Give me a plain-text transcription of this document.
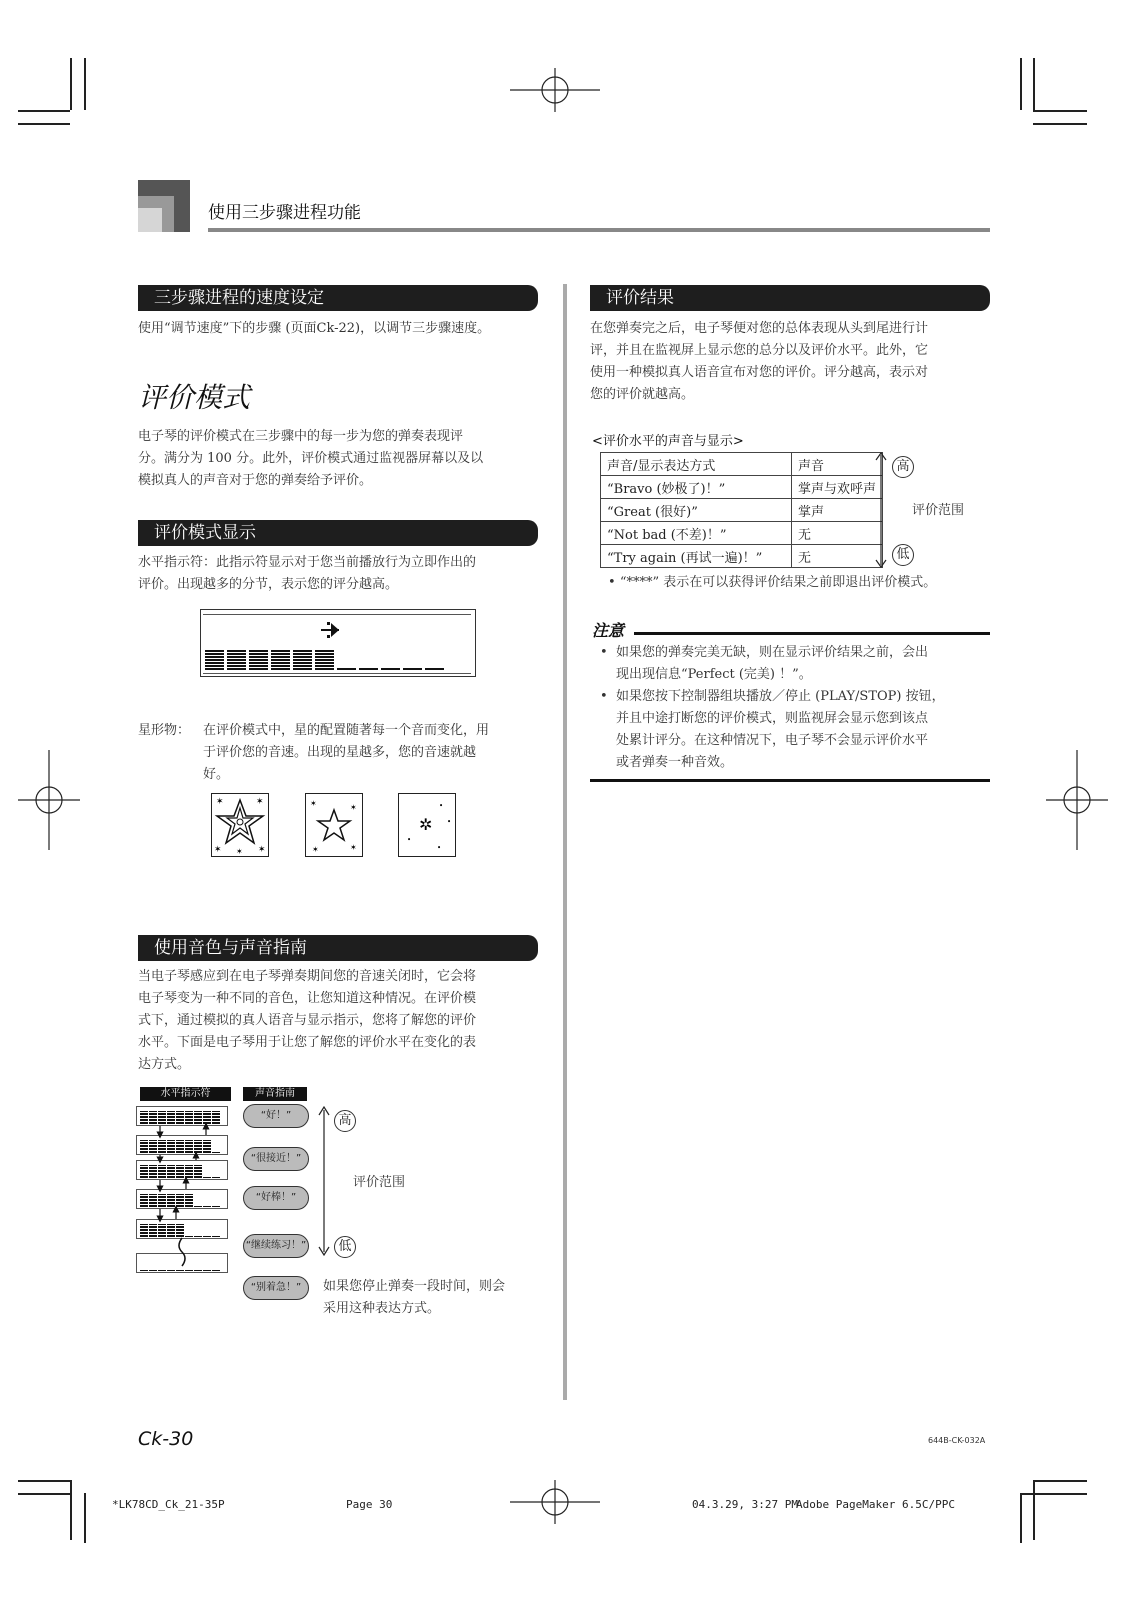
使用三步骤进程功能
三步骤进程的速度设定
使用“调节速度”下的步骤 (页面Ck-22)，以调节三步骤速度。
评价模式
电子琴的评价模式在三步骤中的每一步为您的弹奏表现评
分。满分为 100 分。此外，评价模式通过监视器屏幕以及以
模拟真人的声音对于您的弹奏给予评价。
评价模式显示
水平指示符：此指示符显示对于您当前播放行为立即作出的
评价。出现越多的分节，表示您的评分越高。
星形物： 在评价模式中，星的配置随著每一个音而变化，用
于评价您的音速。出现的星越多，您的音速就越
好。
✶	✶
✶	✶
✶
✶	✶
✶	✶
✲
•
•
•
•
使用音色与声音指南
当电子琴感应到在电子琴弹奏期间您的音速关闭时，它会将
电子琴变为一种不同的音色，让您知道这种情况。在评价模
式下，通过模拟的真人语音与显示指示，您将了解您的评价
水平。下面是电子琴用于让您了解您的评价水平在变化的表
达方式。
水平指示符	声音指南
“好！”
“很接近！”
“好棒！”
“继续练习！”
“别着急！”
高
低
评价范围
如果您停止弹奏一段时间，则会
采用这种表达方式。
评价结果
在您弹奏完之后，电子琴便对您的总体表现从头到尾进行计
评，并且在监视屏上显示您的总分以及评价水平。此外，它
使用一种模拟真人语音宣布对您的评价。评分越高，表示对
您的评价就越高。
<评价水平的声音与显示>
声音/显示表达方式	声音
“Bravo (妙极了)！”	掌声与欢呼声
“Great (很好)”	掌声
“Not bad (不差)！”	无
“Try again (再试一遍)！”	无
高
低
评价范围
• “****” 表示在可以获得评价结果之前即退出评价模式。
注意
• 如果您的弹奏完美无缺，则在显示评价结果之前，会出
现出现信息“Perfect (完美) ！”。
• 如果您按下控制器组块播放／停止 (PLAY/STOP) 按钮，
并且中途打断您的评价模式，则监视屏会显示您到该点
处累计评分。在这种情况下，电子琴不会显示评价水平
或者弹奏一种音效。
Ck-30	644B-CK-032A
*LK78CD_Ck_21-35P	Page 30	04.3.29, 3:27 PM
Adobe PageMaker 6.5C/PPC
